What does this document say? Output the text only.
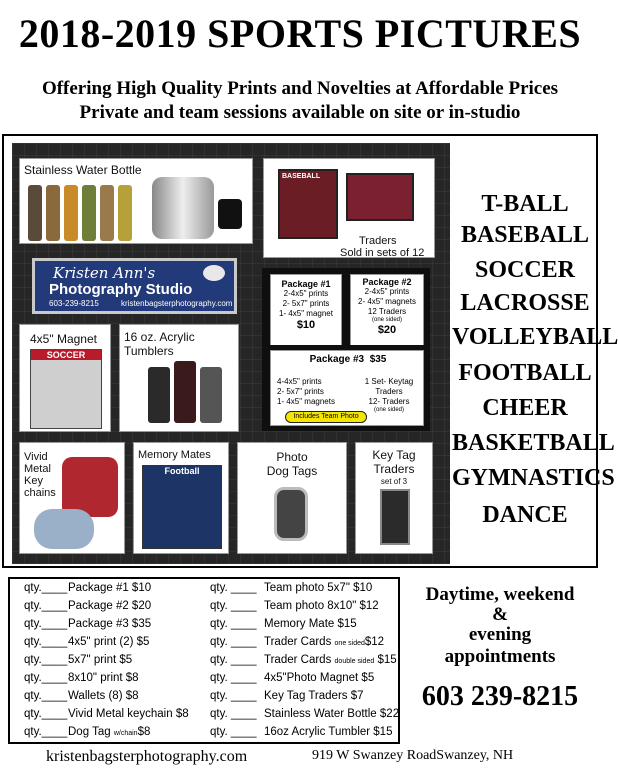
2018-2019 SPORTS PICTURES
Offering High Quality Prints and Novelties at Affordable Prices
Private and team sessions available on site or in-studio
Stainless Water Bottle	BASEBALL
Traders
Sold in sets of 12
Kristen Ann's
Photography Studio
603-239-8215	kristenbagsterphotography.com
Package #1
2-4x5" prints
2- 5x7" prints
1- 4x5" magnet
$10
Package #2
2-4x5" prints
2- 4x5" magnets
12 Traders
(one sided)
$20
Package #3 $35
4-4x5" prints
2- 5x7" prints
1- 4x5" magnets
1 Set- Keytag
Traders
12- Traders
(one sided)
Includes Team Photo
4x5" Magnet
SOCCER
16 oz. Acrylic
Tumblers
Vivid
Metal
Key
chains
Memory Mates
Football
Photo
Dog Tags
Key Tag
Traders
set of 3
T-BALL
BASEBALL
SOCCER
LACROSSE
VOLLEYBALL
FOOTBALL
CHEER
BASKETBALL
GYMNASTICS
DANCE
qty.____Package #1 $10
qty.____Package #2 $20
qty.____Package #3 $35
qty.____4x5" print (2) $5
qty.____5x7" print $5
qty.____8x10" print $8
qty.____Wallets (8) $8
qty.____Vivid Metal keychain $8
qty.____Dog Tag w/chain$8
qty. ____ Team photo 5x7" $10
qty. ____ Team photo 8x10" $12
qty. ____ Memory Mate $15
qty. ____ Trader Cards one sided$12
qty. ____ Trader Cards double sided $15
qty. ____ 4x5"Photo Magnet $5
qty. ____ Key Tag Traders $7
qty. ____ Stainless Water Bottle $22
qty. ____ 16oz Acrylic Tumbler $15
Daytime, weekend
&
evening
appointments
603 239-8215
kristenbagsterphotography.com	919 W Swanzey RoadSwanzey, NH
